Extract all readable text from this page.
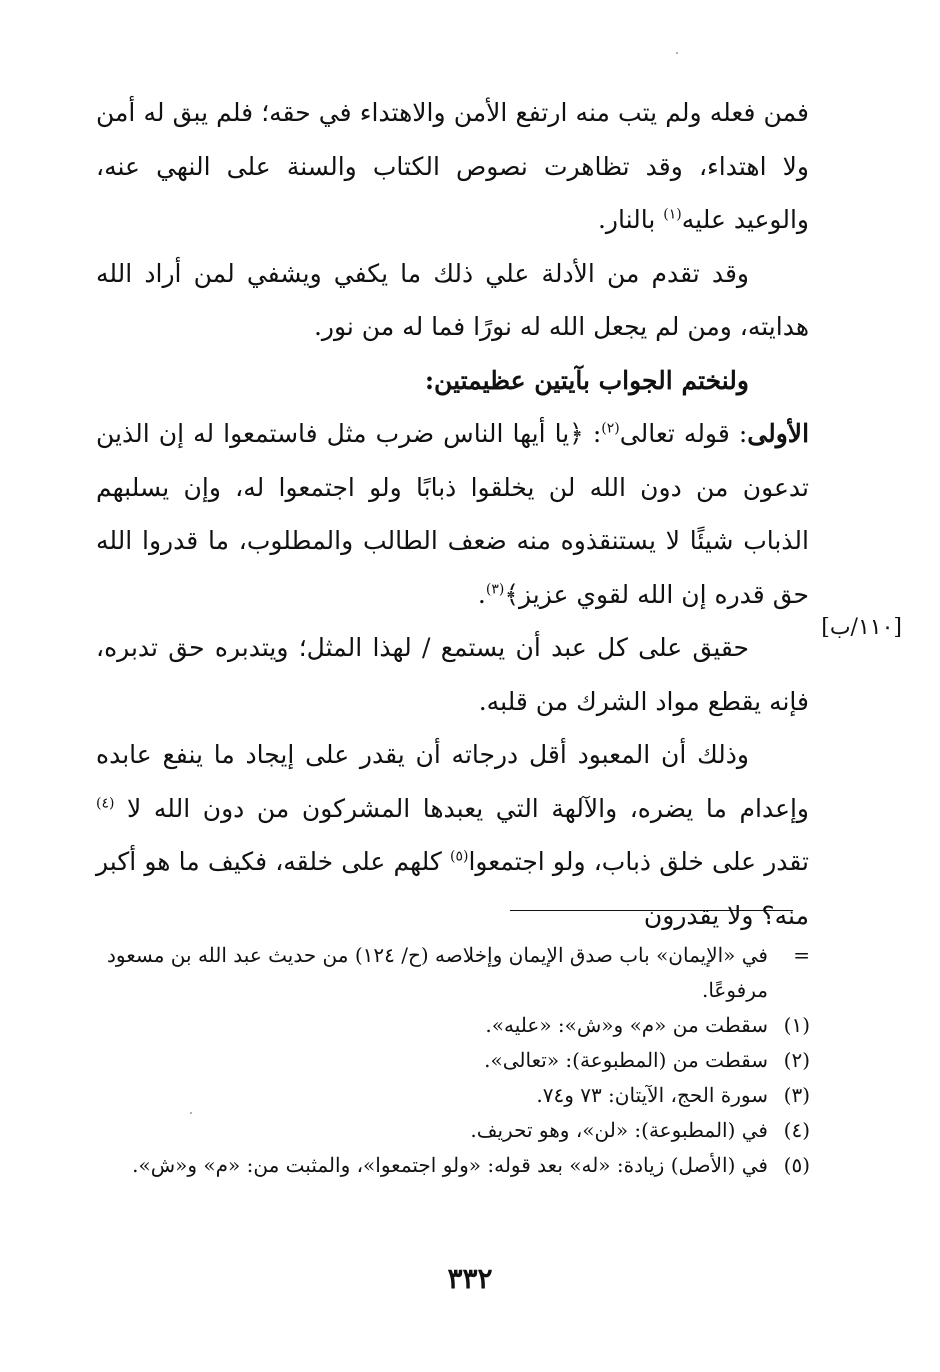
فمن فعله ولم يتب منه ارتفع الأمن والاهتداء في حقه؛ فلم يبق له أمن ولا اهتداء، وقد تظاهرت نصوص الكتاب والسنة على النهي عنه، والوعيد عليه$^{(١)}$ بالنار.

وقد تقدم من الأدلة علي ذلك ما يكفي ويشفي لمن أراد الله هدايته، ومن لم يجعل الله له نورًا فما له من نور.

ولنختم الجواب بآيتين عظيمتين:

الأولى: قوله تعالى$^{(٢)}$: ﴿يا أيها الناس ضرب مثل فاستمعوا له إن الذين تدعون من دون الله لن يخلقوا ذبابًا ولو اجتمعوا له، وإن يسلبهم الذباب شيئًا لا يستنقذوه منه ضعف الطالب والمطلوب، ما قدروا الله حق قدره إن الله لقوي عزيز﴾$^{(٣)}$.

حقيق على كل عبد أن يستمع / لهذا المثل؛ ويتدبره حق تدبره، فإنه يقطع مواد الشرك من قلبه.

وذلك أن المعبود أقل درجاته أن يقدر على إيجاد ما ينفع عابده وإعدام ما يضره، والآلهة التي يعبدها المشركون من دون الله لا $^{(٤)}$ تقدر على خلق ذباب، ولو اجتمعوا$^{(٥)}$ كلهم على خلقه، فكيف ما هو أكبر منه؟ ولا يقدرون

[١١٠/ب]
=
في «الإيمان» باب صدق الإيمان وإخلاصه (ح/ ١٢٤) من حديث عبد الله بن مسعود مرفوعًا.
(١)
سقطت من «م» و«ش»: «عليه».
(٢)
سقطت من (المطبوعة): «تعالى».
(٣)
سورة الحج، الآيتان: ٧٣ و٧٤.
(٤)
في (المطبوعة): «لن»، وهو تحريف.
(٥)
في (الأصل) زيادة: «له» بعد قوله: «ولو اجتمعوا»، والمثبت من: «م» و«ش».
٣٣٢
